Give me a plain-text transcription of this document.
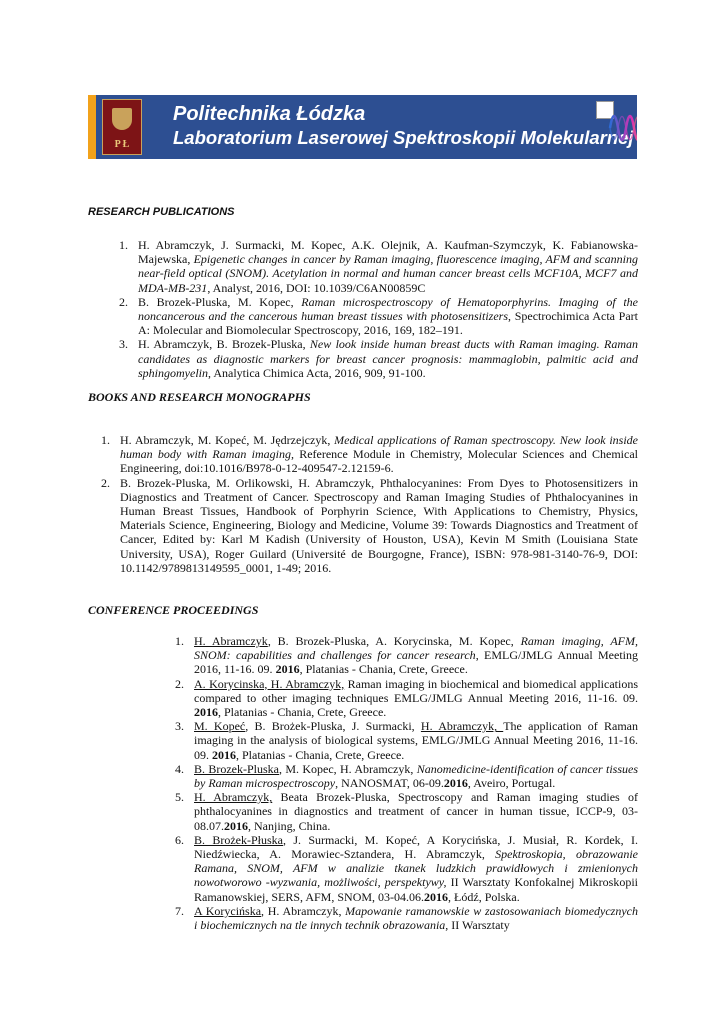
P Ł
Politechnika Łódzka
Laboratorium Laserowej Spektroskopii Molekularnej
RESEARCH PUBLICATIONS
1. H. Abramczyk, J. Surmacki, M. Kopec, A.K. Olejnik, A. Kaufman-Szymczyk, K. Fabianowska-Majewska, Epigenetic changes in cancer by Raman imaging, fluorescence imaging, AFM and scanning near-field optical (SNOM). Acetylation in normal and human cancer breast cells MCF10A, MCF7 and MDA-MB-231, Analyst, 2016, DOI: 10.1039/C6AN00859C
2. B. Brozek-Pluska, M. Kopec, Raman microspectroscopy of Hematoporphyrins. Imaging of the noncancerous and the cancerous human breast tissues with photosensitizers, Spectrochimica Acta Part A: Molecular and Biomolecular Spectroscopy, 2016, 169, 182–191.
3. H. Abramczyk, B. Brozek-Pluska, New look inside human breast ducts with Raman imaging. Raman candidates as diagnostic markers for breast cancer prognosis: mammaglobin, palmitic acid and sphingomyelin, Analytica Chimica Acta, 2016, 909, 91-100.
BOOKS AND RESEARCH MONOGRAPHS
1. H. Abramczyk, M. Kopeć, M. Jędrzejczyk, Medical applications of Raman spectroscopy. New look inside human body with Raman imaging, Reference Module in Chemistry, Molecular Sciences and Chemical Engineering, doi:10.1016/B978-0-12-409547-2.12159-6.
2. B. Brozek-Pluska, M. Orlikowski, H. Abramczyk, Phthalocyanines: From Dyes to Photosensitizers in Diagnostics and Treatment of Cancer. Spectroscopy and Raman Imaging Studies of Phthalocyanines in Human Breast Tissues, Handbook of Porphyrin Science, With Applications to Chemistry, Physics, Materials Science, Engineering, Biology and Medicine, Volume 39: Towards Diagnostics and Treatment of Cancer, Edited by: Karl M Kadish (University of Houston, USA), Kevin M Smith (Louisiana State University, USA), Roger Guilard (Université de Bourgogne, France), ISBN: 978-981-3140-76-9, DOI: 10.1142/9789813149595_0001, 1-49; 2016.
CONFERENCE PROCEEDINGS
1. H. Abramczyk, B. Brozek-Pluska, A. Korycinska, M. Kopec, Raman imaging, AFM, SNOM: capabilities and challenges for cancer research, EMLG/JMLG Annual Meeting 2016, 11-16. 09. 2016, Platanias - Chania, Crete, Greece.
2. A. Korycinska, H. Abramczyk, Raman imaging in biochemical and biomedical applications compared to other imaging techniques EMLG/JMLG Annual Meeting 2016, 11-16. 09. 2016, Platanias - Chania, Crete, Greece.
3. M. Kopeć, B. Brożek-Pluska, J. Surmacki, H. Abramczyk, The application of Raman imaging in the analysis of biological systems, EMLG/JMLG Annual Meeting 2016, 11-16. 09. 2016, Platanias - Chania, Crete, Greece.
4. B. Brozek-Pluska, M. Kopec, H. Abramczyk, Nanomedicine-identification of cancer tissues by Raman microspectroscopy, NANOSMAT, 06-09.2016, Aveiro, Portugal.
5. H. Abramczyk, Beata Brozek-Pluska, Spectroscopy and Raman imaging studies of phthalocyanines in diagnostics and treatment of cancer in human tissue, ICCP-9, 03-08.07.2016, Nanjing, China.
6. B. Brożek-Płuska, J. Surmacki, M. Kopeć, A Korycińska, J. Musiał, R. Kordek, I. Niedźwiecka, A. Morawiec-Sztandera, H. Abramczyk, Spektroskopia, obrazowanie Ramana, SNOM, AFM w analizie tkanek ludzkich prawidłowych i zmienionych nowotworowo -wyzwania, możliwości, perspektywy, II Warsztaty Konfokalnej Mikroskopii Ramanowskiej, SERS, AFM, SNOM, 03-04.06.2016, Łódź, Polska.
7. A Korycińska, H. Abramczyk, Mapowanie ramanowskie w zastosowaniach biomedycznych i biochemicznych na tle innych technik obrazowania, II Warsztaty
